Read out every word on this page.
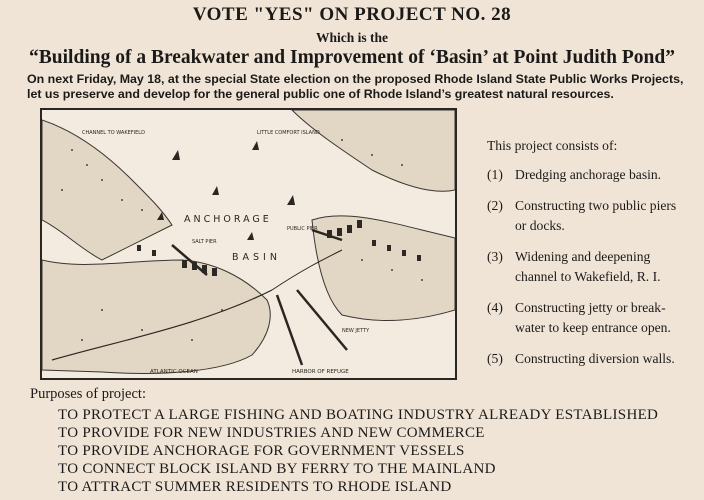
VOTE "YES" ON PROJECT NO. 28
Which is the
“Building of a Breakwater and Improvement of ‘Basin’ at Point Judith Pond”
On next Friday, May 18, at the special State election on the proposed Rhode Island State Public Works Projects,
let us preserve and develop for the general public one of Rhode Island’s greatest natural resources.
CHANNEL TO WAKEFIELD	LITTLE COMFORT ISLAND
ANCHORAGE
BASIN
SALT PIER
PUBLIC PIER
NEW JETTY
ATLANTIC OCEAN	HARBOR OF REFUGE
This project consists of:
(1) Dredging anchorage basin.
(2) Constructing two public piers or docks.
(3) Widening and deepening channel to Wakefield, R. I.
(4) Constructing jetty or break-water to keep entrance open.
(5) Constructing diversion walls.
Purposes of project:
TO PROTECT A LARGE FISHING AND BOATING INDUSTRY ALREADY ESTABLISHED
TO PROVIDE FOR NEW INDUSTRIES AND NEW COMMERCE
TO PROVIDE ANCHORAGE FOR GOVERNMENT VESSELS
TO CONNECT BLOCK ISLAND BY FERRY TO THE MAINLAND
TO ATTRACT SUMMER RESIDENTS TO RHODE ISLAND
